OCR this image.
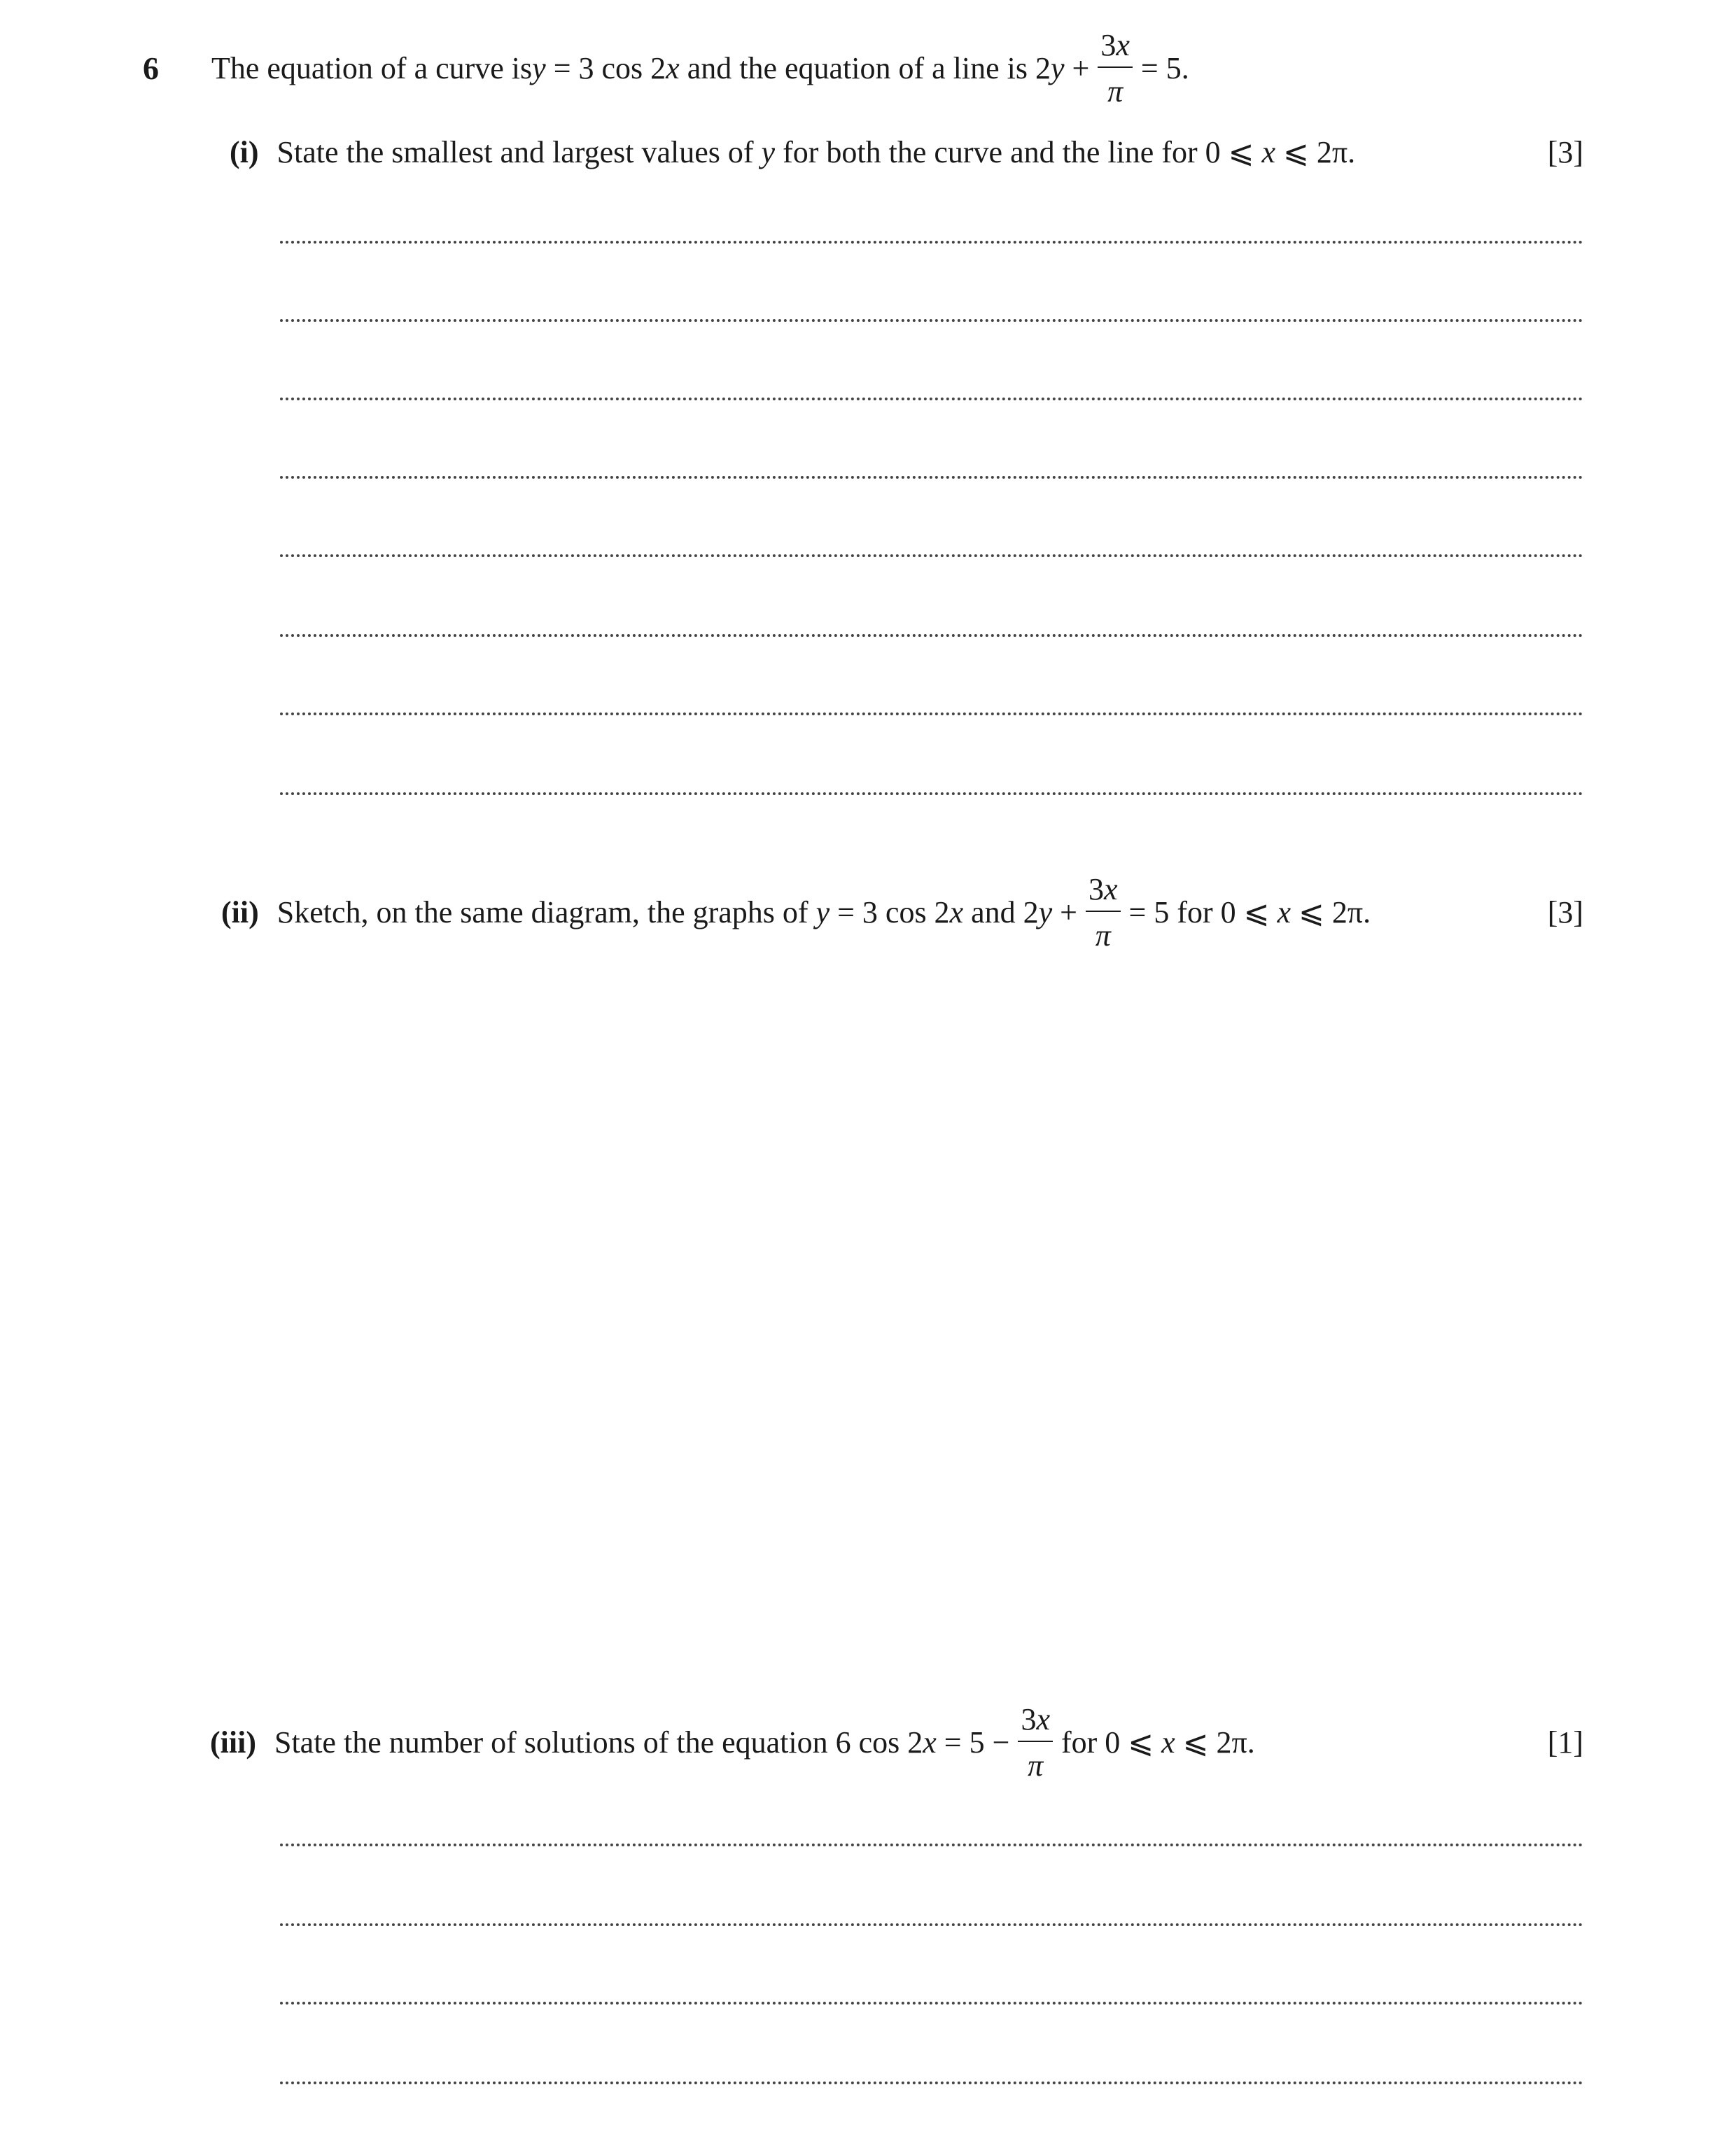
6 The equation of a curve is y = 3 cos 2 x and the equation of a line is 2 $y + \frac{3x}{\pi} = 5$.
(i) State the smallest and largest values of y for both the curve and the line for 0 ⩽ x ⩽ 2π.	[3]
(ii) Sketch, on the same diagram, the graphs of y = 3 cos 2 x and 2 $y + \frac{3x}{\pi} = 5$ for 0 ⩽ x ⩽ 2π.	[3]
(iii) State the number of solutions of the equation 6 cos 2 $x = 5 - \frac{3x}{\pi}$ for 0 ⩽ x ⩽ 2π.	[1]
